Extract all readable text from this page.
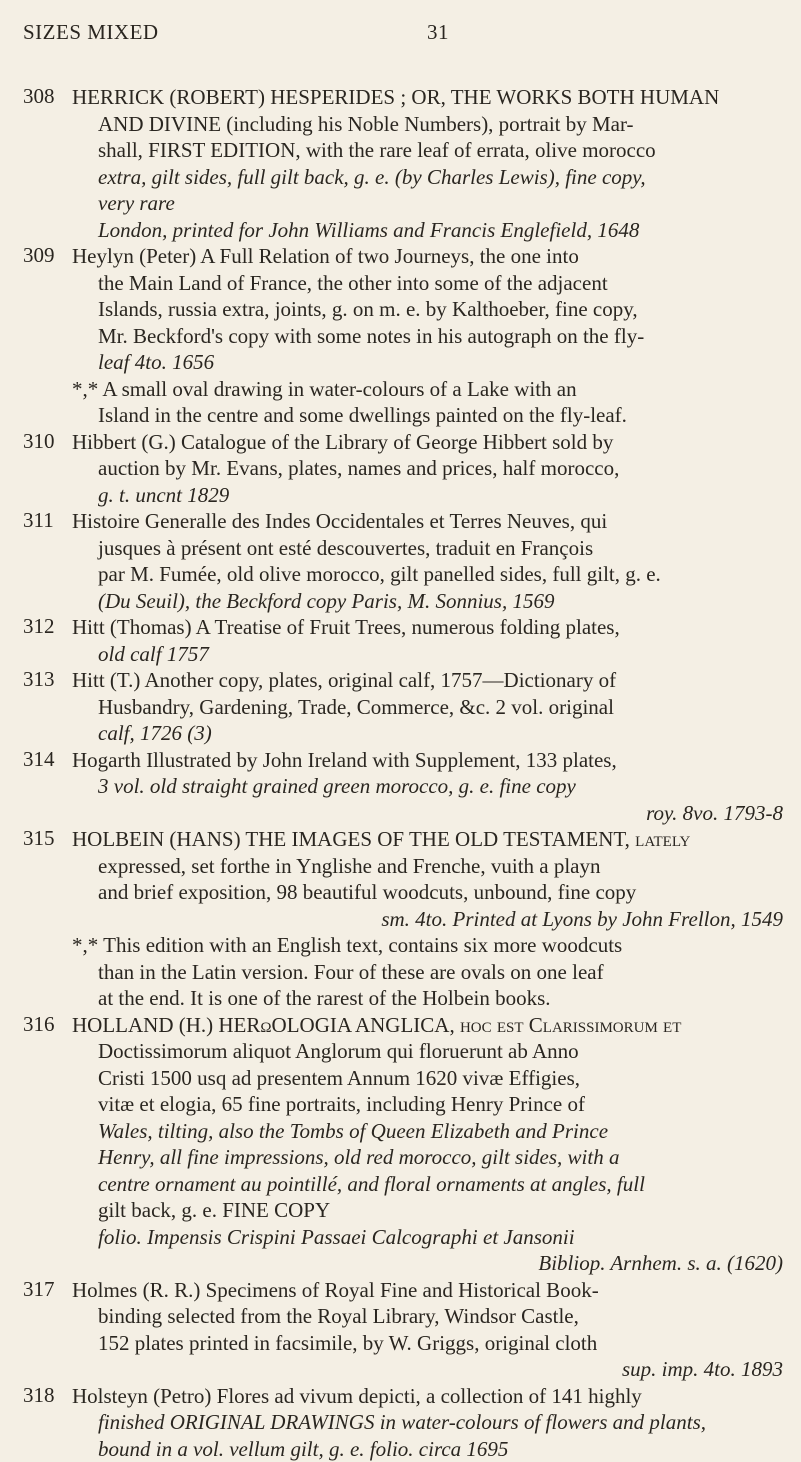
SIZES MIXED	31
308 HERRICK (ROBERT) HESPERIDES ; OR, THE WORKS BOTH HUMAN
AND DIVINE (including his Noble Numbers), portrait by Mar-
shall, FIRST EDITION, with the rare leaf of errata, olive morocco
extra, gilt sides, full gilt back, g. e. (by Charles Lewis), fine copy,
very rare
London, printed for John Williams and Francis Englefield, 1648
309 Heylyn (Peter) A Full Relation of two Journeys, the one into
the Main Land of France, the other into some of the adjacent
Islands, russia extra, joints, g. on m. e. by Kalthoeber, fine copy,
Mr. Beckford's copy with some notes in his autograph on the fly-
leaf 4to. 1656
*,* A small oval drawing in water-colours of a Lake with an
Island in the centre and some dwellings painted on the fly-leaf.
310 Hibbert (G.) Catalogue of the Library of George Hibbert sold by
auction by Mr. Evans, plates, names and prices, half morocco,
g. t. uncnt 1829
311 Histoire Generalle des Indes Occidentales et Terres Neuves, qui
jusques à présent ont esté descouvertes, traduit en François
par M. Fumée, old olive morocco, gilt panelled sides, full gilt, g. e.
(Du Seuil), the Beckford copy Paris, M. Sonnius, 1569
312 Hitt (Thomas) A Treatise of Fruit Trees, numerous folding plates,
old calf 1757
313 Hitt (T.) Another copy, plates, original calf, 1757—Dictionary of
Husbandry, Gardening, Trade, Commerce, &c. 2 vol. original
calf, 1726 (3)
314 Hogarth Illustrated by John Ireland with Supplement, 133 plates,
3 vol. old straight grained green morocco, g. e. fine copy
roy. 8vo. 1793-8
315 HOLBEIN (HANS) THE IMAGES OF THE OLD TESTAMENT, lately
expressed, set forthe in Ynglishe and Frenche, vuith a playn
and brief exposition, 98 beautiful woodcuts, unbound, fine copy
sm. 4to. Printed at Lyons by John Frellon, 1549
*,* This edition with an English text, contains six more woodcuts
than in the Latin version. Four of these are ovals on one leaf
at the end. It is one of the rarest of the Holbein books.
316 HOLLAND (H.) HERωOLOGIA ANGLICA, hoc est Clarissimorum et
Doctissimorum aliquot Anglorum qui floruerunt ab Anno
Cristi 1500 usq ad presentem Annum 1620 vivæ Effigies,
vitæ et elogia, 65 fine portraits, including Henry Prince of
Wales, tilting, also the Tombs of Queen Elizabeth and Prince
Henry, all fine impressions, old red morocco, gilt sides, with a
centre ornament au pointillé, and floral ornaments at angles, full
gilt back, g. e. FINE COPY
folio. Impensis Crispini Passaei Calcographi et Jansonii
Bibliop. Arnhem. s. a. (1620)
317 Holmes (R. R.) Specimens of Royal Fine and Historical Book-
binding selected from the Royal Library, Windsor Castle,
152 plates printed in facsimile, by W. Griggs, original cloth
sup. imp. 4to. 1893
318 Holsteyn (Petro) Flores ad vivum depicti, a collection of 141 highly
finished ORIGINAL DRAWINGS in water-colours of flowers and plants,
bound in a vol. vellum gilt, g. e. folio. circa 1695
